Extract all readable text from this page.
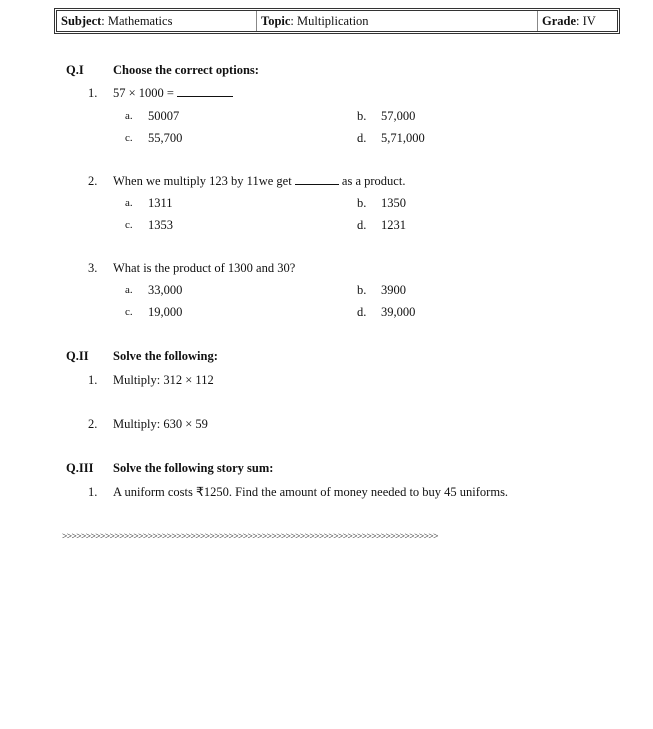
Subject: Mathematics	Topic: Multiplication	Grade: IV
Q.I Choose the correct options:
1. 57 × 1000 =
a. 50007	b. 57,000
c. 55,700	d. 5,71,000
2. When we multiply 123 by 11we get	as a product.
a. 1311	b. 1350
c. 1353	d. 1231
3. What is the product of 1300 and 30?
a. 33,000	b. 3900
c. 19,000	d. 39,000
Q.II Solve the following:
1. Multiply: 312 × 112
2. Multiply: 630 × 59
Q.III Solve the following story sum:
1. A uniform costs ₹1250. Find the amount of money needed to buy 45 uniforms.
>>>>>>>>>>>>>>>>>>>>>>>>>>>>>>>>>>>>>>>>>>>>>>>>>>>>>>>>>>>>>>>>>>>>>>>>>>>>>>>
